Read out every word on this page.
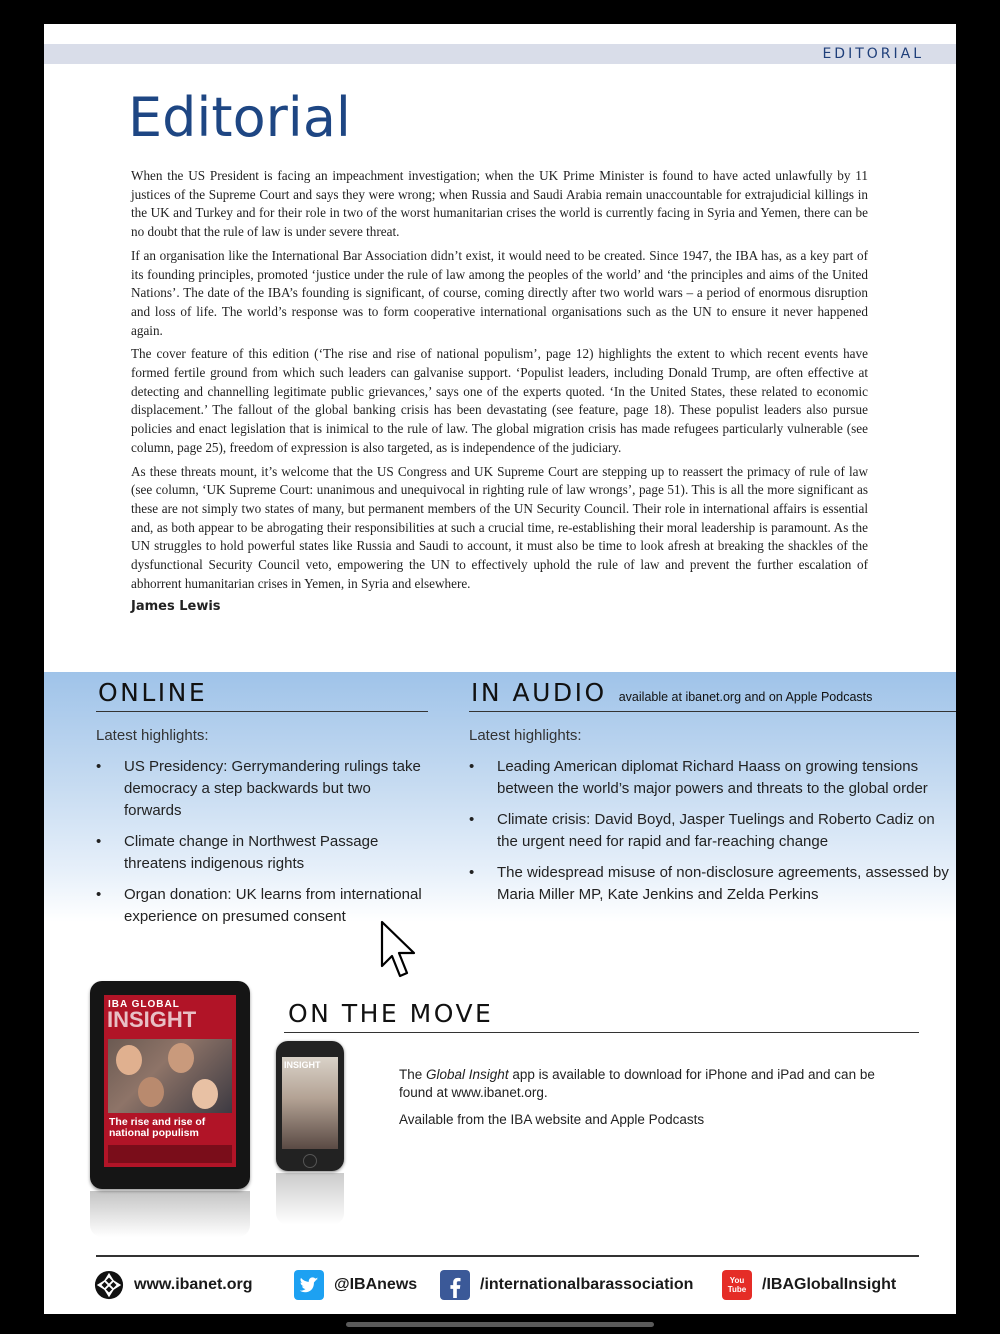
EDITORIAL
Editorial

When the US President is facing an impeachment investigation; when the UK Prime Minister is found to have acted unlawfully by 11 justices of the Supreme Court and says they were wrong; when Russia and Saudi Arabia remain unaccountable for extrajudicial killings in the UK and Turkey and for their role in two of the worst humanitarian crises the world is currently facing in Syria and Yemen, there can be no doubt that the rule of law is under severe threat.

If an organisation like the International Bar Association didn’t exist, it would need to be created. Since 1947, the IBA has, as a key part of its founding principles, promoted ‘justice under the rule of law among the peoples of the world’ and ‘the principles and aims of the United Nations’. The date of the IBA’s founding is significant, of course, coming directly after two world wars – a period of enormous disruption and loss of life. The world’s response was to form cooperative international organisations such as the UN to ensure it never happened again.

The cover feature of this edition (‘The rise and rise of national populism’, page 12) highlights the extent to which recent events have formed fertile ground from which such leaders can galvanise support. ‘Populist leaders, including Donald Trump, are often effective at detecting and channelling legitimate public grievances,’ says one of the experts quoted. ‘In the United States, these related to economic displacement.’ The fallout of the global banking crisis has been devastating (see feature, page 18). These populist leaders also pursue policies and enact legislation that is inimical to the rule of law. The global migration crisis has made refugees particularly vulnerable (see column, page 25), freedom of expression is also targeted, as is independence of the judiciary.

As these threats mount, it’s welcome that the US Congress and UK Supreme Court are stepping up to reassert the primacy of rule of law (see column, ‘UK Supreme Court: unanimous and unequivocal in righting rule of law wrongs’, page 51). This is all the more significant as these are not simply two states of many, but permanent members of the UN Security Council. Their role in international affairs is essential and, as both appear to be abrogating their responsibilities at such a crucial time, re-establishing their moral leadership is paramount. As the UN struggles to hold powerful states like Russia and Saudi to account, it must also be time to look afresh at breaking the shackles of the dysfunctional Security Council veto, empowering the UN to effectively uphold the rule of law and prevent the further escalation of abhorrent humanitarian crises in Yemen, in Syria and elsewhere.

James Lewis
ONLINE
Latest highlights:
• US Presidency: Gerrymandering rulings take democracy a step backwards but two forwards
• Climate change in Northwest Passage threatens indigenous rights
• Organ donation: UK learns from international experience on presumed consent
IN AUDIO available at ibanet.org and on Apple Podcasts
Latest highlights:
• Leading American diplomat Richard Haass on growing tensions between the world’s major powers and threats to the global order
• Climate crisis: David Boyd, Jasper Tuelings and Roberto Cadiz on the urgent need for rapid and far-reaching change
• The widespread misuse of non-disclosure agreements, assessed by Maria Miller MP, Kate Jenkins and Zelda Perkins
IBA GLOBAL
INSIGHT
The rise and rise of national populism
INSIGHT
ON THE MOVE

The Global Insight app is available to download for iPhone and iPad and can be found at www.ibanet.org.

Available from the IBA website and Apple Podcasts

www.ibanet.org	@IBAnews	/internationalbarassociation	You Tube /IBAGlobalInsight
